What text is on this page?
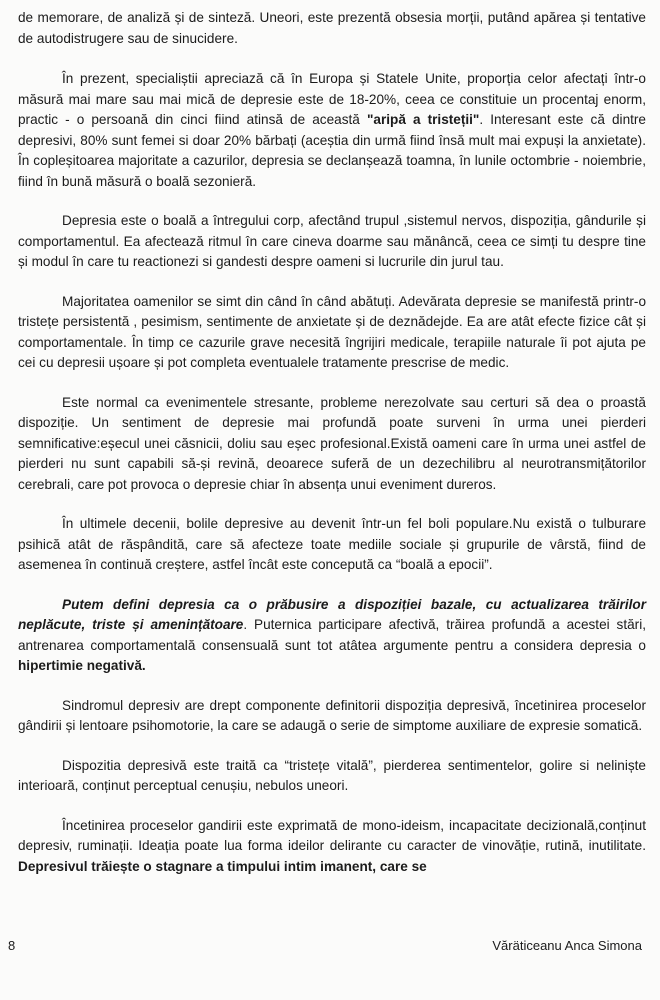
de memorare, de analiză și de sinteză. Uneori, este prezentă obsesia morții, putând apărea și tentative de autodistrugere sau de sinucidere.

În prezent, specialiștii apreciază că în Europa și Statele Unite, proporția celor afectați într-o măsură mai mare sau mai mică de depresie este de 18-20%, ceea ce constituie un procentaj enorm, practic - o persoană din cinci fiind atinsă de această "aripă a tristeții". Interesant este că dintre depresivi, 80% sunt femei si doar 20% bărbați (aceștia din urmă fiind însă mult mai expuși la anxietate). În copleșitoarea majoritate a cazurilor, depresia se declanșează toamna, în lunile octombrie - noiembrie, fiind în bună măsură o boală sezonieră.

Depresia este o boală a întregului corp, afectând trupul ,sistemul nervos, dispoziția, gândurile și comportamentul. Ea afectează ritmul în care cineva doarme sau mănâncă, ceea ce simți tu despre tine și modul în care tu reactionezi si gandesti despre oameni si lucrurile din jurul tau.

Majoritatea oamenilor se simt din când în când abătuți. Adevărata depresie se manifestă printr-o tristețe persistentă , pesimism, sentimente de anxietate și de deznădejde. Ea are atât efecte fizice cât și comportamentale. În timp ce cazurile grave necesită îngrijiri medicale, terapiile naturale îi pot ajuta pe cei cu depresii ușoare și pot completa eventualele tratamente prescrise de medic.

Este normal ca evenimentele stresante, probleme nerezolvate sau certuri să dea o proastă dispoziție. Un sentiment de depresie mai profundă poate surveni în urma unei pierderi semnificative:eșecul unei căsnicii, doliu sau eșec profesional.Există oameni care în urma unei astfel de pierderi nu sunt capabili să-și revină, deoarece suferă de un dezechilibru al neurotransmițătorilor cerebrali, care pot provoca o depresie chiar în absența unui eveniment dureros.

În ultimele decenii, bolile depresive au devenit într-un fel boli populare.Nu există o tulburare psihică atât de răspândită, care să afecteze toate mediile sociale și grupurile de vârstă, fiind de asemenea în continuă creștere, astfel încât este concepută ca “boală a epocii”.

Putem defini depresia ca o prăbusire a dispoziției bazale, cu actualizarea trăirilor neplăcute, triste și amenințătoare. Puternica participare afectivă, trăirea profundă a acestei stări, antrenarea comportamentală consensuală sunt tot atâtea argumente pentru a considera depresia o hipertimie negativă.

Sindromul depresiv are drept componente definitorii dispoziția depresivă, încetinirea proceselor gândirii și lentoare psihomotorie, la care se adaugă o serie de simptome auxiliare de expresie somatică.

Dispozitia depresivă este traită ca “tristețe vitală”, pierderea sentimentelor, golire si neliniște interioară, conținut perceptual cenușiu, nebulos uneori.

Încetinirea proceselor gandirii este exprimată de mono-ideism, incapacitate decizională,conținut depresiv, ruminații. Ideația poate lua forma ideilor delirante cu caracter de vinovăție, rutină, inutilitate. Depresivul trăiește o stagnare a timpului intim imanent, care se

8	Văräticeanu Anca Simona
